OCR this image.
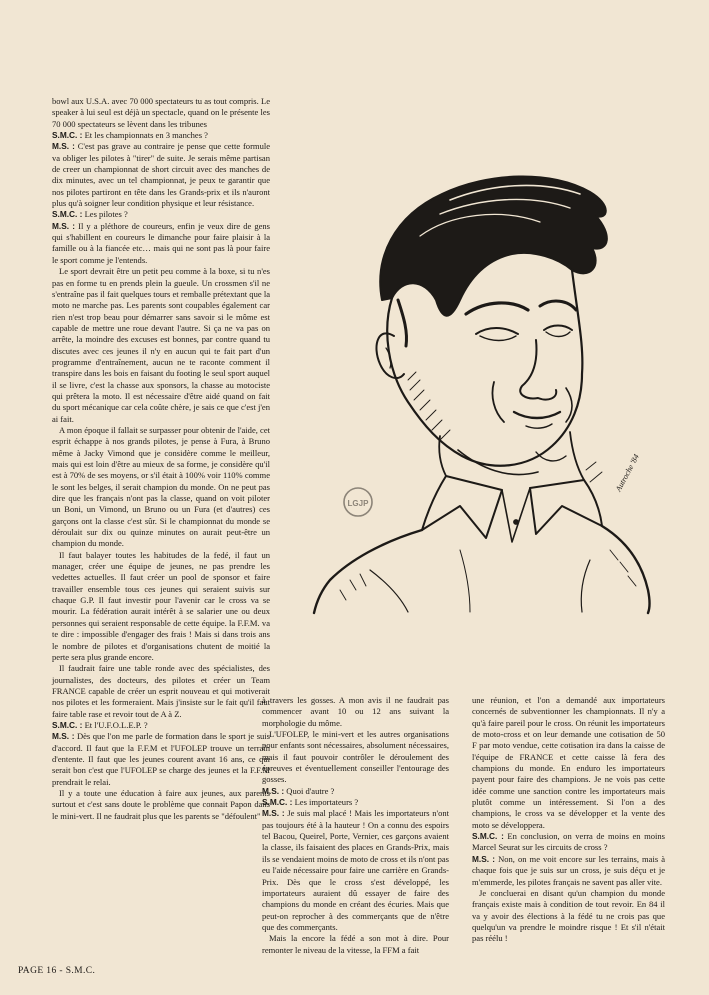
bowl aux U.S.A. avec 70 000 spectateurs tu as tout compris. Le speaker à lui seul est déjà un spectacle, quand on le présente les 70 000 spectateurs se lèvent dans les tribunes

S.M.C. : Et les championnats en 3 manches ?

M.S. : C'est pas grave au contraire je pense que cette formule va obliger les pilotes à "tirer" de suite. Je serais même partisan de creer un championnat de short circuit avec des manches de dix minutes, avec un tel championnat, je peux te garantir que nos pilotes partiront en tête dans les Grands-prix et ils n'auront plus qu'à soigner leur condition physique et leur résistance.

S.M.C. : Les pilotes ?

M.S. : Il y a pléthore de coureurs, enfin je veux dire de gens qui s'habillent en coureurs le dimanche pour faire plaisir à la famille ou à la fiancée etc… mais qui ne sont pas là pour faire le sport comme je l'entends.

Le sport devrait être un petit peu comme à la boxe, si tu n'es pas en forme tu en prends plein la gueule. Un crossmen s'il ne s'entraîne pas il fait quelques tours et remballe prétextant que la moto ne marche pas. Les parents sont coupables également car rien n'est trop beau pour démarrer sans savoir si le môme est capable de mettre une roue devant l'autre. Si ça ne va pas on arrête, la moindre des excuses est bonnes, par contre quand tu discutes avec ces jeunes il n'y en aucun qui te fait part d'un programme d'entraînement, aucun ne te raconte comment il transpire dans les bois en faisant du footing le seul sport auquel il se livre, c'est la chasse aux sponsors, la chasse au motociste qui prêtera la moto. Il est nécessaire d'être aidé quand on fait du sport mécanique car cela coûte chère, je sais ce que c'est j'en ai fait.

A mon époque il fallait se surpasser pour obtenir de l'aide, cet esprit échappe à nos grands pilotes, je pense à Fura, à Bruno même à Jacky Vimond que je considère comme le meilleur, mais qui est loin d'être au mieux de sa forme, je considère qu'il est à 70% de ses moyens, or s'il était à 100% voir 110% comme le sont les belges, il serait champion du monde. On ne peut pas dire que les français n'ont pas la classe, quand on voit piloter un Boni, un Vimond, un Bruno ou un Fura (et d'autres) ces garçons ont la classe c'est sûr. Si le championnat du monde se déroulait sur dix ou quinze minutes on aurait peut-être un champion du monde.

Il faut balayer toutes les habitudes de la fedé, il faut un manager, créer une équipe de jeunes, ne pas prendre les vedettes actuelles. Il faut créer un pool de sponsor et faire travailler ensemble tous ces jeunes qui seraient suivis sur chaque G.P. Il faut investir pour l'avenir car le cross va se mourir. La fédération aurait intérêt à se salarier une ou deux personnes qui seraient responsable de cette équipe. la F.F.M. va te dire : impossible d'engager des frais ! Mais si dans trois ans le nombre de pilotes et d'organisations chutent de moitié la perte sera plus grande encore.

Il faudrait faire une table ronde avec des spécialistes, des journalistes, des docteurs, des pilotes et créer un Team FRANCE capable de créer un esprit nouveau et qui motiverait nos pilotes et les formeraient. Mais j'insiste sur le fait qu'il faut faire table rase et revoir tout de A à Z.

S.M.C. : Et l'U.F.O.L.E.P. ?

M.S. : Dès que l'on me parle de formation dans le sport je suis d'accord. Il faut que la F.F.M et l'UFOLEP trouve un terrain d'entente. Il faut que les jeunes courent avant 16 ans, ce qui serait bon c'est que l'UFOLEP se charge des jeunes et la F.F.M prendrait le relai.

Il y a toute une éducation à faire aux jeunes, aux parents surtout et c'est sans doute le problème que connait Papon dans le mini-vert. Il ne faudrait plus que les parents se "défoulent"

Autroche '84
LGJP

à travers les gosses. A mon avis il ne faudrait pas commencer avant 10 ou 12 ans suivant la morphologie du môme.

L'UFOLEP, le mini-vert et les autres organisations pour enfants sont nécessaires, absolument nécessaires, mais il faut pouvoir contrôler le déroulement des épreuves et éventuellement conseiller l'entourage des gosses.

M.S. : Quoi d'autre ?

S.M.C. : Les importateurs ?

M.S. : Je suis mal placé ! Mais les importateurs n'ont pas toujours été à la hauteur ! On a connu des espoirs tel Bacou, Queirel, Porte, Vernier, ces garçons avaient la classe, ils faisaient des places en Grands-Prix, mais ils se vendaient moins de moto de cross et ils n'ont pas eu l'aide nécessaire pour faire une carrière en Grands-Prix. Dès que le cross s'est développé, les importateurs auraient dû essayer de faire des champions du monde en créant des écuries. Mais que peut-on reprocher à des commerçants que de n'être que des commerçants.

Mais la encore la fédé a son mot à dire. Pour remonter le niveau de la vitesse, la FFM a fait

une réunion, et l'on a demandé aux importateurs concernés de subventionner les championnats. Il n'y a qu'à faire pareil pour le cross. On réunit les importateurs de moto-cross et on leur demande une cotisation de 50 F par moto vendue, cette cotisation ira dans la caisse de l'équipe de FRANCE et cette caisse là fera des champions du monde. En enduro les importateurs payent pour faire des champions. Je ne vois pas cette idée comme une sanction contre les importateurs mais plutôt comme un intéressement. Si l'on a des champions, le cross va se développer et la vente des moto se développera.

S.M.C. : En conclusion, on verra de moins en moins Marcel Seurat sur les circuits de cross ?

M.S. : Non, on me voit encore sur les terrains, mais à chaque fois que je suis sur un cross, je suis déçu et je m'emmerde, les pilotes français ne savent pas aller vite.

Je concluerai en disant qu'un champion du monde français existe mais à condition de tout revoir. En 84 il va y avoir des élections à la fédé tu ne crois pas que quelqu'un va prendre le moindre risque ! Et s'il n'était pas réélu !

PAGE 16 - S.M.C.
